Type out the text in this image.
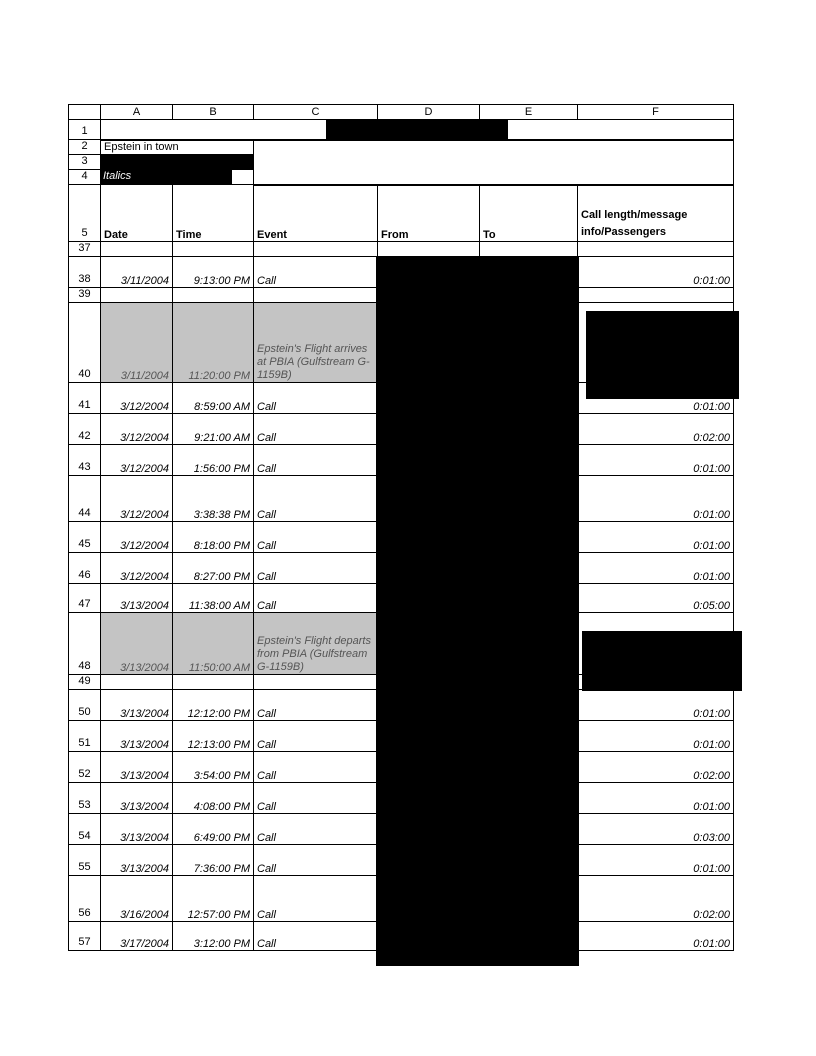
	A	B	C	D	E	F
1						
2	Epstein in town					
3						
4	Italics					

5	Date	Time	Event	From	To	Call length/message info/Passengers
37						
38	3/11/2004	9:13:00 PM	Call			0:01:00
39						
40	3/11/2004	11:20:00 PM	Epstein's Flight arrives at PBIA (Gulfstream G-1159B)			
41	3/12/2004	8:59:00 AM	Call			0:01:00
42	3/12/2004	9:21:00 AM	Call			0:02:00
43	3/12/2004	1:56:00 PM	Call			0:01:00
44	3/12/2004	3:38:38 PM	Call			0:01:00
45	3/12/2004	8:18:00 PM	Call			0:01:00
46	3/12/2004	8:27:00 PM	Call			0:01:00
47	3/13/2004	11:38:00 AM	Call			0:05:00
48	3/13/2004	11:50:00 AM	Epstein's Flight departs from PBIA (Gulfstream G-1159B)			
49						
50	3/13/2004	12:12:00 PM	Call			0:01:00
51	3/13/2004	12:13:00 PM	Call			0:01:00
52	3/13/2004	3:54:00 PM	Call			0:02:00
53	3/13/2004	4:08:00 PM	Call			0:01:00
54	3/13/2004	6:49:00 PM	Call			0:03:00
55	3/13/2004	7:36:00 PM	Call			0:01:00
56	3/16/2004	12:57:00 PM	Call			0:02:00
57	3/17/2004	3:12:00 PM	Call			0:01:00
